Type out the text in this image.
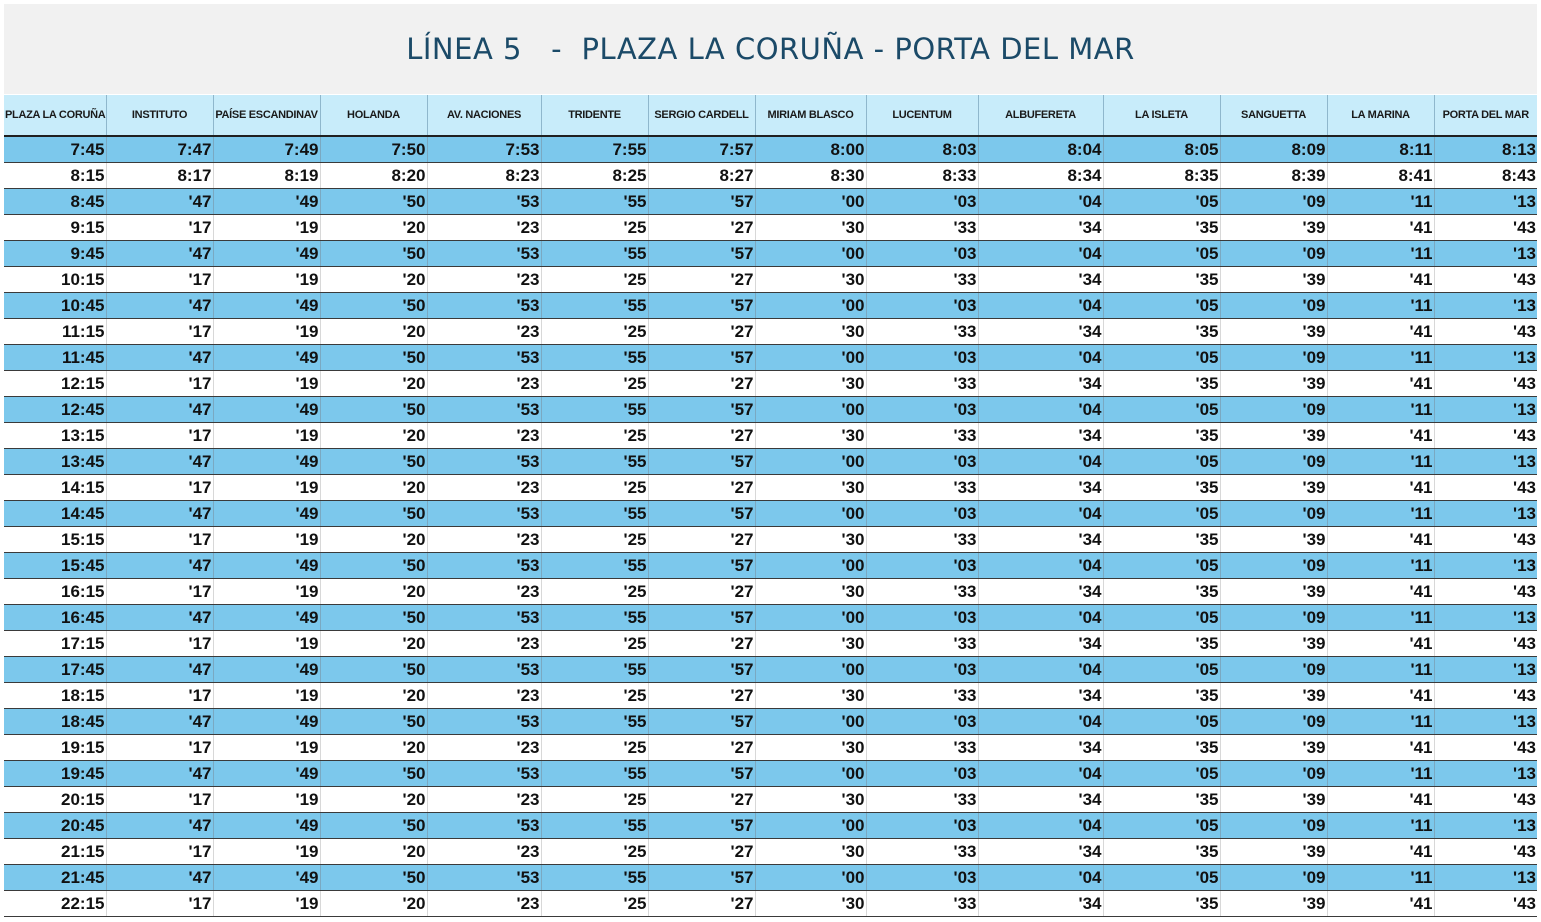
LÍNEA 5   -  PLAZA LA CORUÑA - PORTA DEL MAR
PLAZA LA CORUÑA	INSTITUTO	PAÍSE ESCANDINAV	HOLANDA	AV. NACIONES	TRIDENTE	SERGIO CARDELL	MIRIAM BLASCO	LUCENTUM	ALBUFERETA	LA ISLETA	SANGUETTA	LA MARINA	PORTA DEL MAR
7:45	7:47	7:49	7:50	7:53	7:55	7:57	8:00	8:03	8:04	8:05	8:09	8:11	8:13
8:15	8:17	8:19	8:20	8:23	8:25	8:27	8:30	8:33	8:34	8:35	8:39	8:41	8:43
8:45	'47	'49	'50	'53	'55	'57	'00	'03	'04	'05	'09	'11	'13
9:15	'17	'19	'20	'23	'25	'27	'30	'33	'34	'35	'39	'41	'43
9:45	'47	'49	'50	'53	'55	'57	'00	'03	'04	'05	'09	'11	'13
10:15	'17	'19	'20	'23	'25	'27	'30	'33	'34	'35	'39	'41	'43
10:45	'47	'49	'50	'53	'55	'57	'00	'03	'04	'05	'09	'11	'13
11:15	'17	'19	'20	'23	'25	'27	'30	'33	'34	'35	'39	'41	'43
11:45	'47	'49	'50	'53	'55	'57	'00	'03	'04	'05	'09	'11	'13
12:15	'17	'19	'20	'23	'25	'27	'30	'33	'34	'35	'39	'41	'43
12:45	'47	'49	'50	'53	'55	'57	'00	'03	'04	'05	'09	'11	'13
13:15	'17	'19	'20	'23	'25	'27	'30	'33	'34	'35	'39	'41	'43
13:45	'47	'49	'50	'53	'55	'57	'00	'03	'04	'05	'09	'11	'13
14:15	'17	'19	'20	'23	'25	'27	'30	'33	'34	'35	'39	'41	'43
14:45	'47	'49	'50	'53	'55	'57	'00	'03	'04	'05	'09	'11	'13
15:15	'17	'19	'20	'23	'25	'27	'30	'33	'34	'35	'39	'41	'43
15:45	'47	'49	'50	'53	'55	'57	'00	'03	'04	'05	'09	'11	'13
16:15	'17	'19	'20	'23	'25	'27	'30	'33	'34	'35	'39	'41	'43
16:45	'47	'49	'50	'53	'55	'57	'00	'03	'04	'05	'09	'11	'13
17:15	'17	'19	'20	'23	'25	'27	'30	'33	'34	'35	'39	'41	'43
17:45	'47	'49	'50	'53	'55	'57	'00	'03	'04	'05	'09	'11	'13
18:15	'17	'19	'20	'23	'25	'27	'30	'33	'34	'35	'39	'41	'43
18:45	'47	'49	'50	'53	'55	'57	'00	'03	'04	'05	'09	'11	'13
19:15	'17	'19	'20	'23	'25	'27	'30	'33	'34	'35	'39	'41	'43
19:45	'47	'49	'50	'53	'55	'57	'00	'03	'04	'05	'09	'11	'13
20:15	'17	'19	'20	'23	'25	'27	'30	'33	'34	'35	'39	'41	'43
20:45	'47	'49	'50	'53	'55	'57	'00	'03	'04	'05	'09	'11	'13
21:15	'17	'19	'20	'23	'25	'27	'30	'33	'34	'35	'39	'41	'43
21:45	'47	'49	'50	'53	'55	'57	'00	'03	'04	'05	'09	'11	'13
22:15	'17	'19	'20	'23	'25	'27	'30	'33	'34	'35	'39	'41	'43
